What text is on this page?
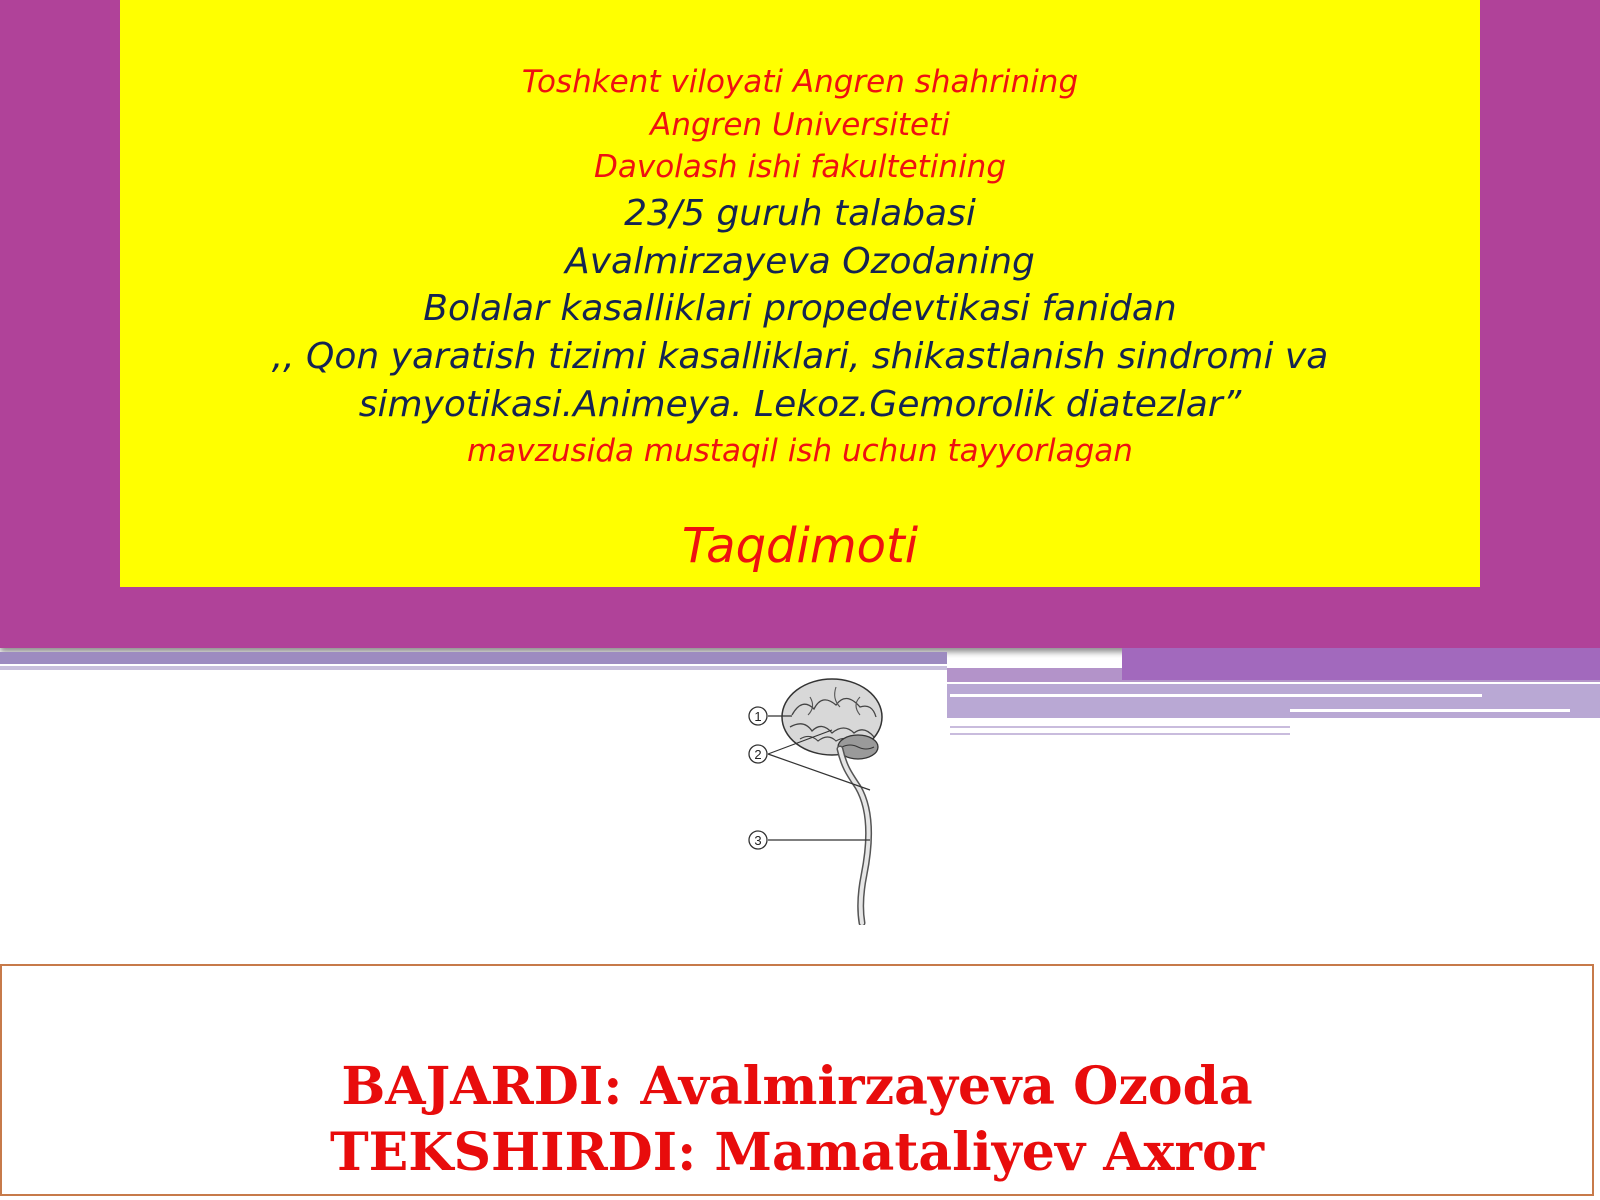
Toshkent viloyati Angren shahrining
Angren Universiteti
Davolash ishi fakultetining
23/5 guruh talabasi
Avalmirzayeva Ozodaning
Bolalar kasalliklari propedevtikasi fanidan
,, Qon yaratish tizimi kasalliklari, shikastlanish sindromi va
simyotikasi.Animeya. Lekoz.Gemorolik diatezlar”
mavzusida mustaqil ish uchun tayyorlagan
Taqdimoti
1
2
3
BAJARDI: Avalmirzayeva Ozoda
TEKSHIRDI: Mamataliyev Axror
